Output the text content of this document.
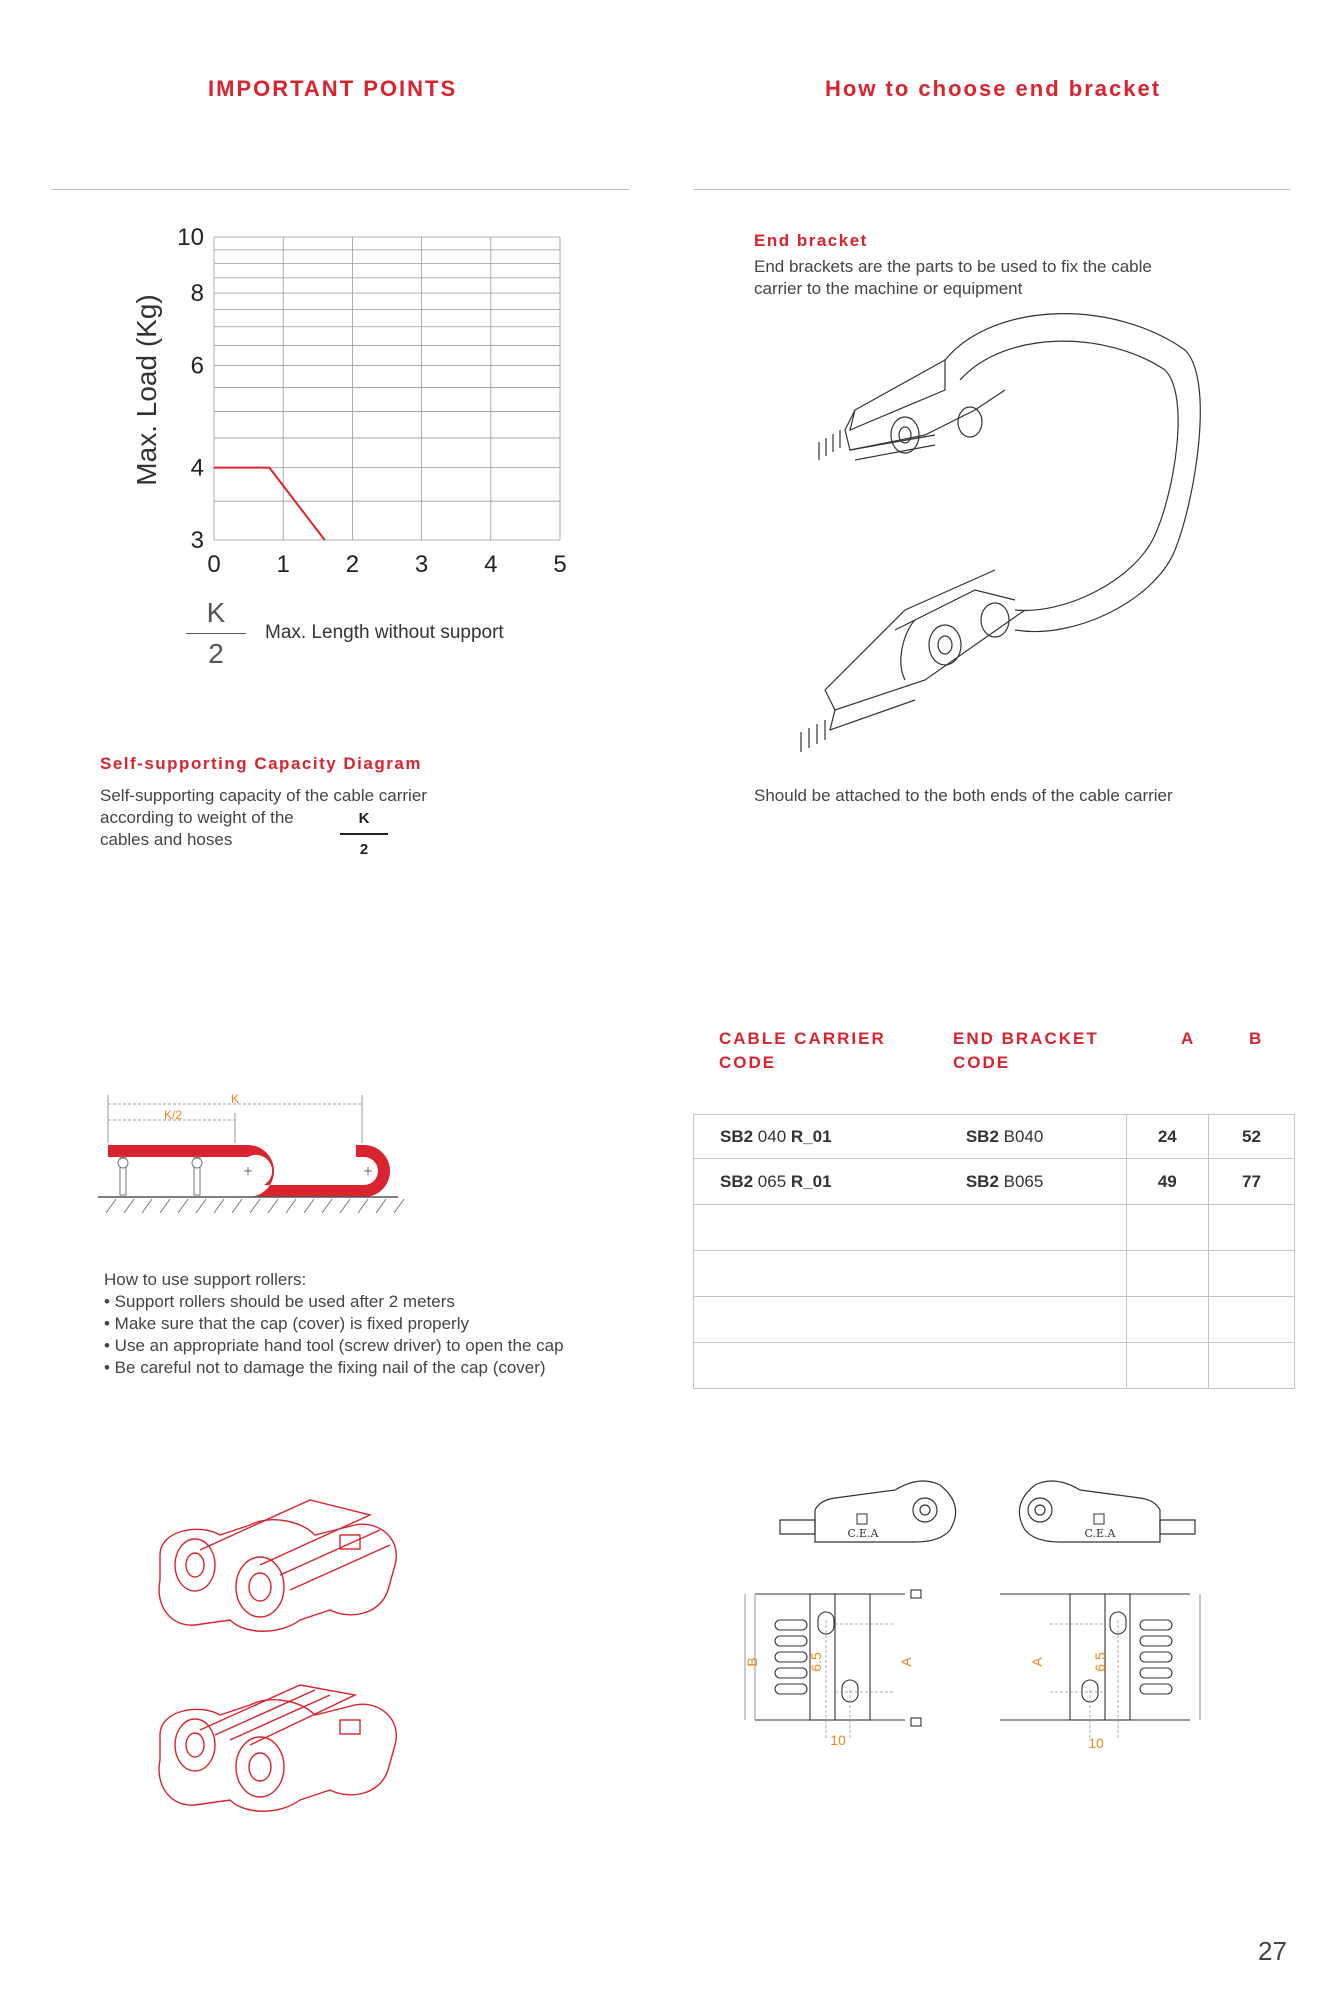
IMPORTANT POINTS	How to choose end bracket
0 1 2 3 4 5
3
4
6
8
10
Max. Load (Kg)
K
2
Max. Length without support
Self-supporting Capacity Diagram
Self-supporting capacity of the cable carrier
according to weight of the
cables and hoses
K
2
K
K/2
How to use support rollers:
• Support rollers should be used after 2 meters
• Make sure that the cap (cover) is fixed properly
• Use an appropriate hand tool (screw driver) to open the cap
• Be careful not to damage the fixing nail of the cap (cover)
End bracket
End brackets are the parts to be used to fix the cable
carrier to the machine or equipment
Should be attached to the both ends of the cable carrier
CABLE CARRIER
CODE
END BRACKET
CODE
A	B
SB2 040 R_01	SB2 B040	24	52
SB2 065 R_01	SB2 B065	49	77

C.E.A	C.E.A
B	6.5	A
10
A	6.5
10
27
